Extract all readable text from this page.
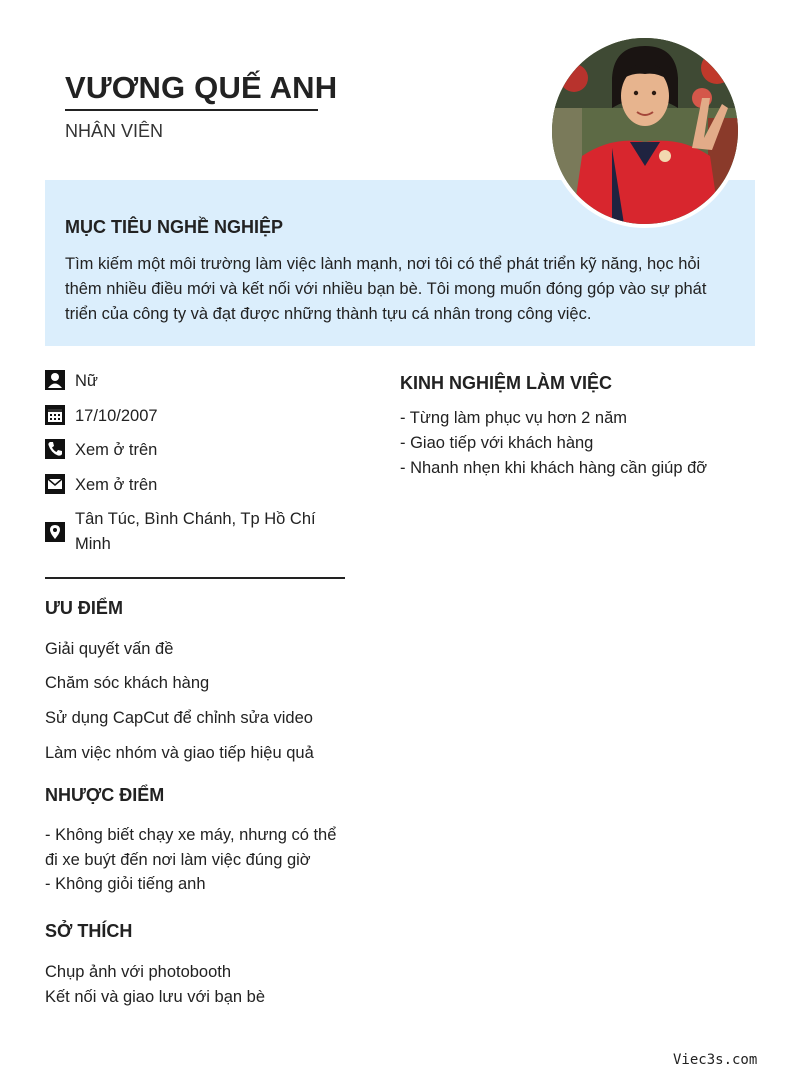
VƯƠNG QUẾ ANH
NHÂN VIÊN
MỤC TIÊU NGHỀ NGHIỆP

Tìm kiếm một môi trường làm việc lành mạnh, nơi tôi có thể phát triển kỹ năng, học hỏi thêm nhiều điều mới và kết nối với nhiều bạn bè. Tôi mong muốn đóng góp vào sự phát triển của công ty và đạt được những thành tựu cá nhân trong công việc.

Nữ
17/10/2007
Xem ở trên
Xem ở trên
Tân Túc, Bình Chánh, Tp Hồ Chí Minh
ƯU ĐIỂM
Giải quyết vấn đề
Chăm sóc khách hàng
Sử dụng CapCut để chỉnh sửa video
Làm việc nhóm và giao tiếp hiệu quả
NHƯỢC ĐIỂM
- Không biết chạy xe máy, nhưng có thể
đi xe buýt đến nơi làm việc đúng giờ
- Không giỏi tiếng anh
SỞ THÍCH
Chụp ảnh với photobooth
Kết nối và giao lưu với bạn bè
KINH NGHIỆM LÀM VIỆC
- Từng làm phục vụ hơn 2 năm
- Giao tiếp với khách hàng
- Nhanh nhẹn khi khách hàng cần giúp đỡ
Viec3s.com
